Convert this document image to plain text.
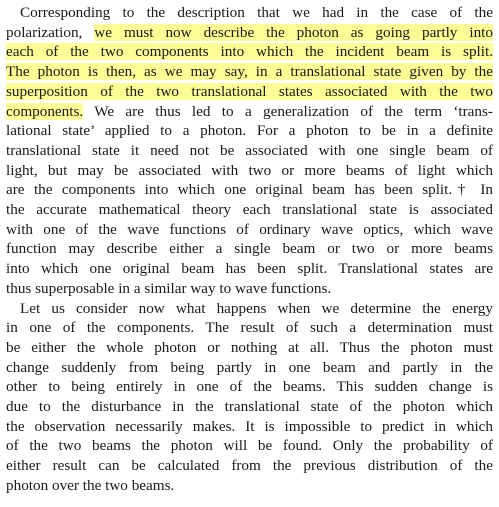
Corresponding to the description that we had in the case of the
polarization, we must now describe the photon as going partly into
each of the two components into which the incident beam is split.
The photon is then, as we may say, in a translational state given by the
superposition of the two translational states associated with the two
components. We are thus led to a generalization of the term ‘trans-
lational state’ applied to a photon. For a photon to be in a definite
translational state it need not be associated with one single beam of
light, but may be associated with two or more beams of light which
are the components into which one original beam has been split.† In
the accurate mathematical theory each translational state is associated
with one of the wave functions of ordinary wave optics, which wave
function may describe either a single beam or two or more beams
into which one original beam has been split. Translational states are
thus superposable in a similar way to wave functions.
Let us consider now what happens when we determine the energy
in one of the components. The result of such a determination must
be either the whole photon or nothing at all. Thus the photon must
change suddenly from being partly in one beam and partly in the
other to being entirely in one of the beams. This sudden change is
due to the disturbance in the translational state of the photon which
the observation necessarily makes. It is impossible to predict in which
of the two beams the photon will be found. Only the probability of
either result can be calculated from the previous distribution of the
photon over the two beams.
